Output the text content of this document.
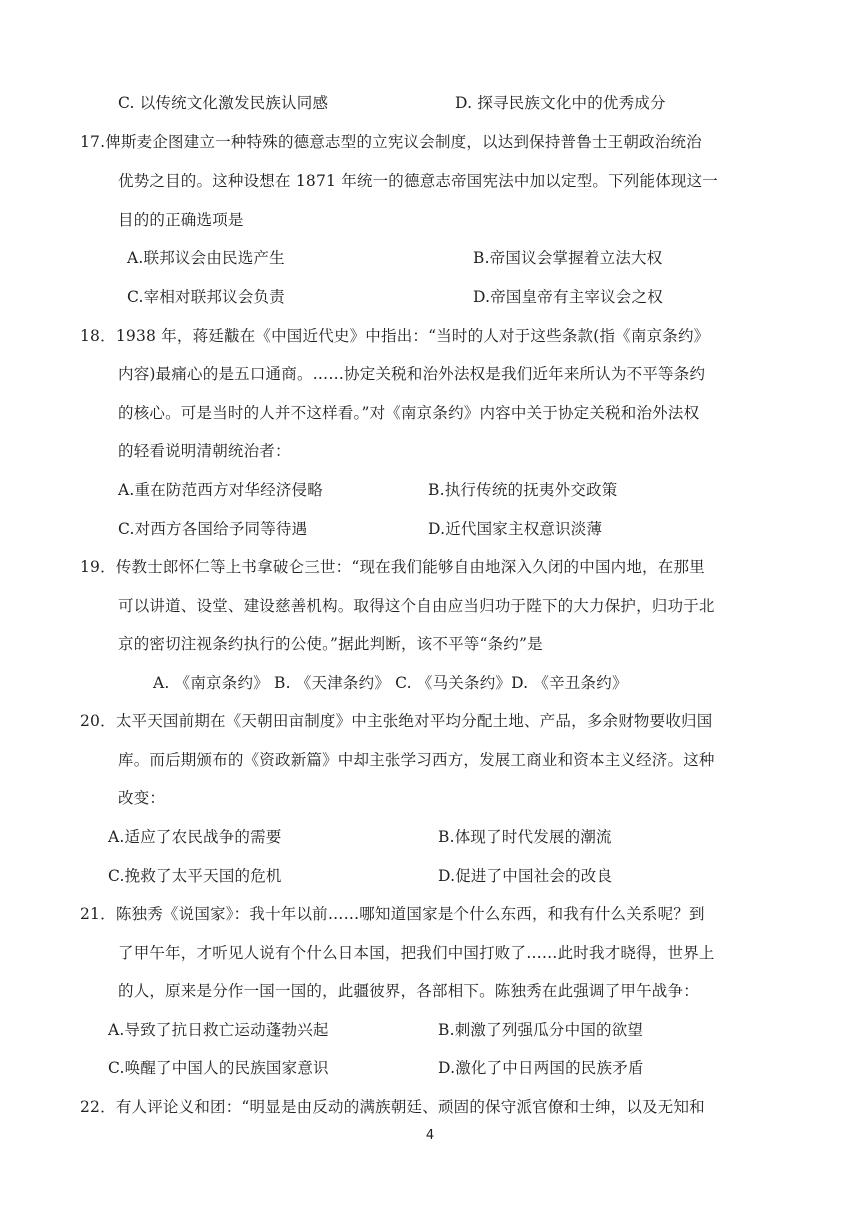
C. 以传统文化激发民族认同感	D. 探寻民族文化中的优秀成分
17.俾斯麦企图建立一种特殊的德意志型的立宪议会制度，以达到保持普鲁士王朝政治统治
优势之目的。这种设想在 1871 年统一的德意志帝国宪法中加以定型。下列能体现这一
目的的正确选项是
A.联邦议会由民选产生	B.帝国议会掌握着立法大权
C.宰相对联邦议会负责	D.帝国皇帝有主宰议会之权
18．1938 年，蒋廷黻在《中国近代史》中指出：“当时的人对于这些条款(指《南京条约》
内容)最痛心的是五口通商。……协定关税和治外法权是我们近年来所认为不平等条约
的核心。可是当时的人并不这样看。”对《南京条约》内容中关于协定关税和治外法权
的轻看说明清朝统治者：
A.重在防范西方对华经济侵略	B.执行传统的抚夷外交政策
C.对西方各国给予同等待遇	D.近代国家主权意识淡薄
19．传教士郎怀仁等上书拿破仑三世：“现在我们能够自由地深入久闭的中国内地，在那里
可以讲道、设堂、建设慈善机构。取得这个自由应当归功于陛下的大力保护，归功于北
京的密切注视条约执行的公使。”据此判断，该不平等“条约”是
A. 《南京条约》 B. 《天津条约》 C. 《马关条约》D. 《辛丑条约》
20．太平天国前期在《天朝田亩制度》中主张绝对平均分配土地、产品，多余财物要收归国
库。而后期颁布的《资政新篇》中却主张学习西方，发展工商业和资本主义经济。这种
改变：
A.适应了农民战争的需要	B.体现了时代发展的潮流
C.挽救了太平天国的危机	D.促进了中国社会的改良
21．陈独秀《说国家》：我十年以前……哪知道国家是个什么东西，和我有什么关系呢？到
了甲午年，才听见人说有个什么日本国，把我们中国打败了……此时我才晓得，世界上
的人，原来是分作一国一国的，此疆彼界，各部相下。陈独秀在此强调了甲午战争：
A.导致了抗日救亡运动蓬勃兴起	B.刺激了列强瓜分中国的欲望
C.唤醒了中国人的民族国家意识	D.激化了中日两国的民族矛盾
22．有人评论义和团：“明显是由反动的满族朝廷、顽固的保守派官僚和士绅，以及无知和
4
